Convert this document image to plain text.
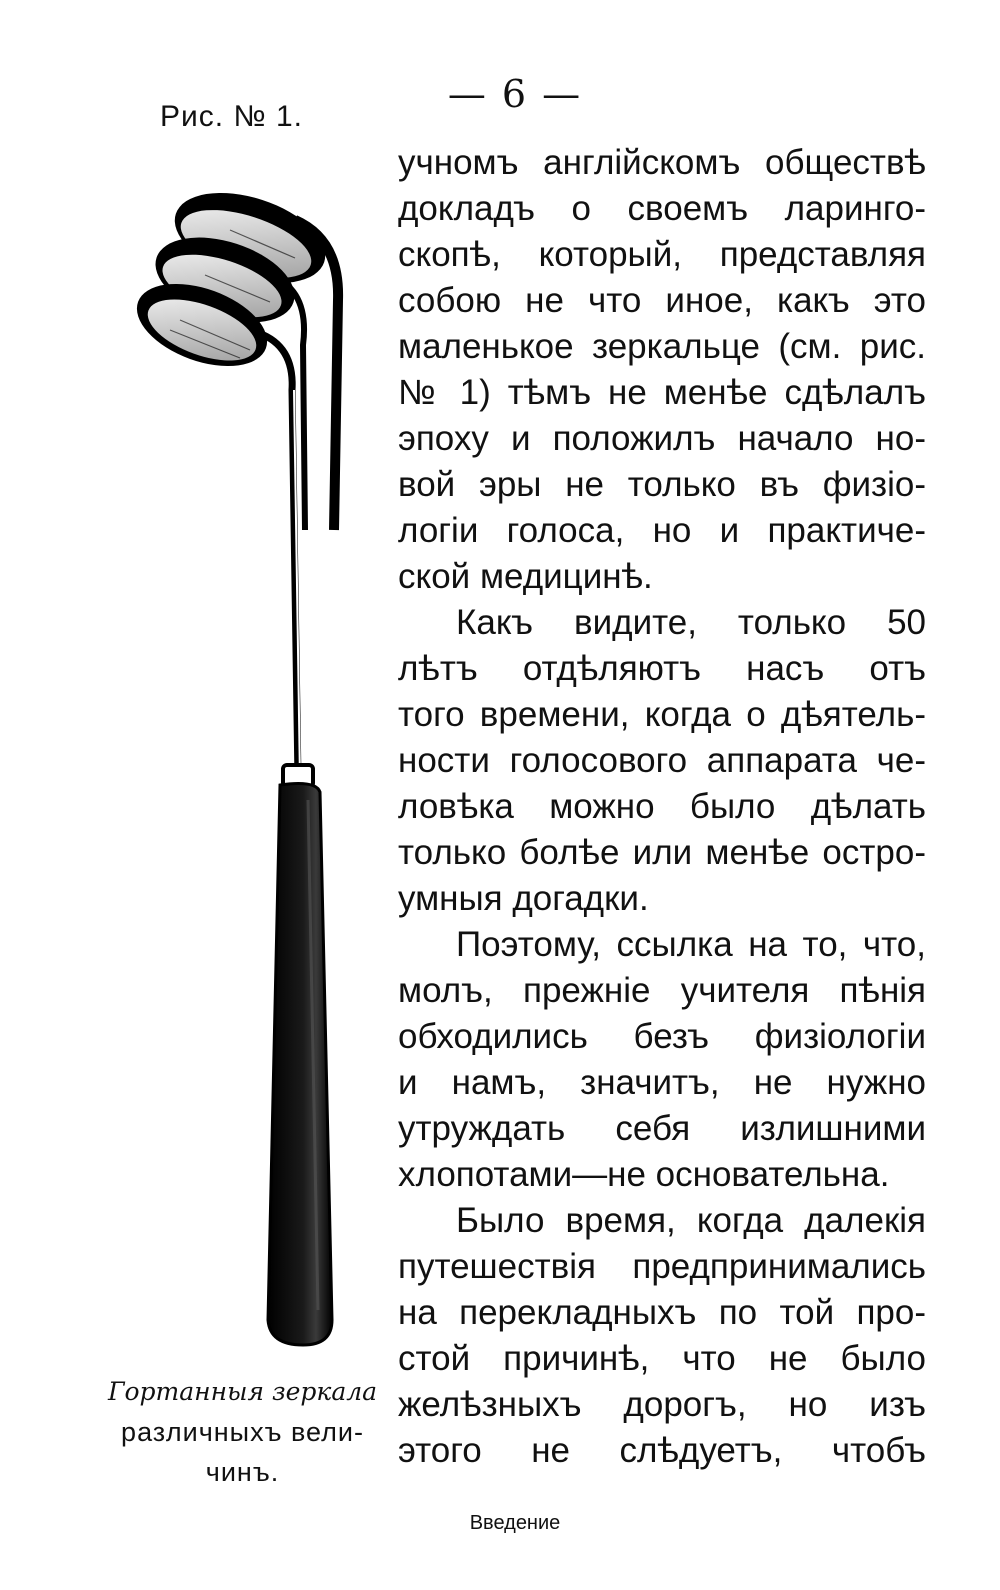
— 6 —
Рис. № 1.
Гортанныя зеркала
различныхъ вели-
чинъ.
учномъ англійскомъ обществѣ
докладъ о своемъ ларинго-
скопѣ, который, представляя
собою не что иное, какъ это
маленькое зеркальце (см. рис.
№ 1) тѣмъ не менѣе сдѣлалъ
эпоху и положилъ начало но-
вой эры не только въ физіо-
логіи голоса, но и практиче-
ской медицинѣ.
Какъ видите, только 50
лѣтъ отдѣляютъ насъ отъ
того времени, когда о дѣятель-
ности голосового аппарата че-
ловѣка можно было дѣлать
только болѣе или менѣе остро-
умныя догадки.
Поэтому, ссылка на то, что,
молъ, прежніе учителя пѣнія
обходились безъ физіологіи
и намъ, значитъ, не нужно
утруждать себя излишними
хлопотами—не основательна.
Было время, когда далекія
путешествія предпринимались
на перекладныхъ по той про-
стой причинѣ, что не было
желѣзныхъ дорогъ, но изъ
этого не слѣдуетъ, чтобъ
Введение
